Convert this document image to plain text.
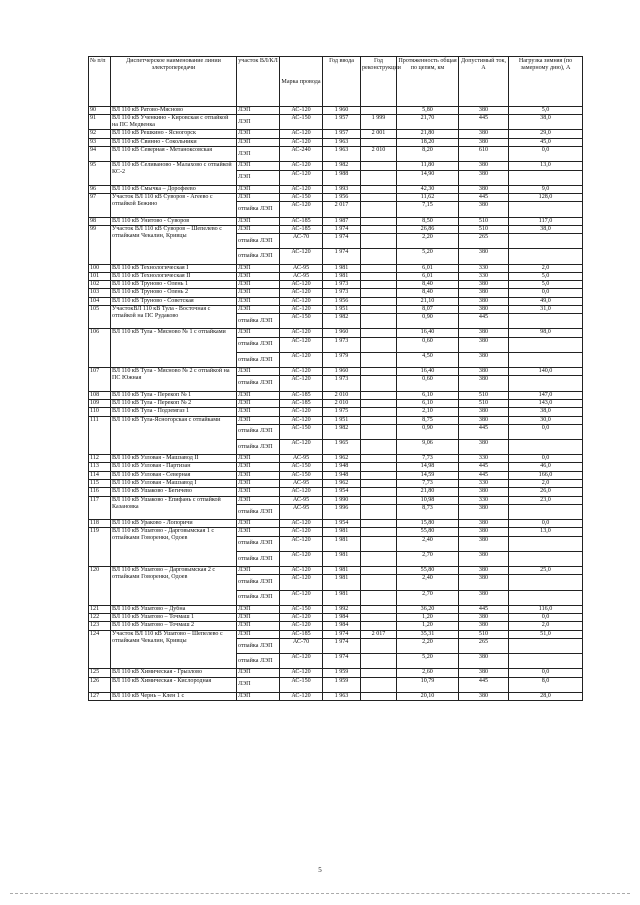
№ п/п	Диспетчерское наименование линии электропередачи	участок ВЛ/КЛ	Марка провода	Год ввода	Год реконструкции	Протяженность общая по цепям, км	Допустимый ток, А	Нагрузка зимняя (по замерному дню), А
90	ВЛ 110 кВ Ратово-Мясново	ЛЭП	АС-120	1 960		5,80	380	5,0
91	ВЛ 110 кВ Ученкино - Кировская с отпайкой на ПС Медвенка	ЛЭП	АС-150	1 957	1 999	21,70	445	38,0
92	ВЛ 110 кВ Решкино - Ясногорск	ЛЭП	АС-120	1 957	2 001	21,80	380	29,0
93	ВЛ 110 кВ Свинно - Сокольники	ЛЭП	АС-120	1 963		18,20	380	45,0
94	ВЛ 110 кВ Северная - Метаноксовская	ЛЭП	АС-240	1 963	2 010	8,20	610	0,0
95	ВЛ 110 кВ Селивановo - Малахово с отпайкой КС-2	ЛЭП	АС-120	1 982		11,80	380	13,0
		ЛЭП	АС-120	1 988		14,90	380	
96	ВЛ 110 кВ Смычка – Дорофеево	ЛЭП	АС-120	1 993		42,30	380	9,0
97	Участок ВЛ 110 кВ Суворов - Агеево с отпайкой Бежино	ЛЭП	АС-150	1 956		11,62	445	128,0
		отпайка ЛЭП	АС-120	2 017		7,15	380	
98	ВЛ 110 кВ Унитово - Суворов	ЛЭП	АС-185	1 987		8,50	510	117,0
99	Участок ВЛ 110 кВ Суворов – Шепелево с отпайками Чекалин, Кривцы	ЛЭП	АС-185	1 974		26,86	510	38,0
		отпайка ЛЭП	АС-70	1 974		2,20	265	
		отпайка ЛЭП	АС-120	1 974		5,20	380	
100	ВЛ 110 кВ Технологическая I	ЛЭП	АС-95	1 981		6,01	330	2,0
101	ВЛ 110 кВ Технологическая II	ЛЭП	АС-95	1 981		6,01	330	5,0
102	ВЛ 110 кВ Труново - Олень 1	ЛЭП	АС-120	1 973		8,40	380	5,0
103	ВЛ 110 кВ Труново - Олень 2	ЛЭП	АС-120	1 973		8,40	380	0,0
104	ВЛ 110 кВ Труново - Советская	ЛЭП	АС-120	1 956		21,10	380	49,0
105	УчастокВЛ 110 кВ Тула - Восточная с отпайкой на ПС Рудаково	ЛЭП	АС-120	1 951		8,07	380	31,0
		отпайка ЛЭП	АС-150	1 982		0,90	445	
106	ВЛ 110 кВ Тула - Мясново № 1 с отпайками	ЛЭП	АС-120	1 960		16,40	380	98,0
		отпайка ЛЭП	АС-120	1 973		0,60	380	
		отпайка ЛЭП	АС-120	1 979		4,50	380	
107	ВЛ 110 кВ Тула - Мясново № 2 с отпайкой на ПС Южная	ЛЭП	АС-120	1 960		16,40	380	140,0
		отпайка ЛЭП	АС-120	1 973		0,60	380	
108	ВЛ 110 кВ Тула - Перекоп № 1	ЛЭП	АС-185	2 010		6,10	510	147,0
109	ВЛ 110 кВ Тула - Перекоп № 2	ЛЭП	АС-185	2 010		6,10	510	143,0
110	ВЛ 110 кВ Тула - Подземгаз 1	ЛЭП	АС-120	1 975		2,10	380	38,0
111	ВЛ 110 кВ Тула-Ясногорская с отпайками	ЛЭП	АС-120	1 951		8,75	380	30,0
		отпайка ЛЭП	АС-150	1 982		0,90	445	0,0
		отпайка ЛЭП	АС-120	1 965		9,06	380	
112	ВЛ 110 кВ Узловая - Машзавод II	ЛЭП	АС-95	1 962		7,73	330	0,0
113	ВЛ 110 кВ Узловая - Партизан	ЛЭП	АС-150	1 948		14,98	445	46,0
114	ВЛ 110 кВ Узловая - Северная	ЛЭП	АС-150	1 948		14,59	445	166,0
115	ВЛ 110 кВ Узловая - Машзавод I	ЛЭП	АС-95	1 962		7,73	330	2,0
116	ВЛ 110 кВ Ушаково - Бегичево	ЛЭП	АС-120	1 954		21,80	380	26,0
117	ВЛ 110 кВ Ушаково - Епифань с отпайкой Казановка	ЛЭП	АС-95	1 990		10,98	330	23,0
		отпайка ЛЭП	АС-95	1 996		8,73	380	
118	ВЛ 110 кВ Ураково - Лопоричи	ЛЭП	АС-120	1 954		15,80	380	0,0
119	ВЛ 110 кВ Ушатово - Дарговымская 1 с отпайками Говоренки, Одоев	ЛЭП	АС-120	1 981		55,80	380	13,0
		отпайка ЛЭП	АС-120	1 981		2,40	380	
		отпайка ЛЭП	АС-120	1 981		2,70	380	
120	ВЛ 110 кВ Ушатово – Дарговымская 2 с отпайками Говоренки, Одоев	ЛЭП	АС-120	1 981		55,80	380	25,0
		отпайка ЛЭП	АС-120	1 981		2,40	380	
		отпайка ЛЭП	АС-120	1 981		2,70	380	
121	ВЛ 110 кВ Ушатово – Дубна	ЛЭП	АС-150	1 992		36,20	445	116,0
122	ВЛ 110 кВ Ушатово – Точмаш 1	ЛЭП	АС-120	1 984		1,20	380	0,0
123	ВЛ 110 кВ Ушатово – Точмаш 2	ЛЭП	АС-120	1 984		1,20	380	2,0
124	Участок ВЛ 110 кВ Ушатово – Шепелево с отпайками Чекалин, Кривцы	ЛЭП	АС-185	1 974	2 017	35,31	510	51,0
		отпайка ЛЭП	АС-70	1 974		2,20	265	
		отпайка ЛЭП	АС-120	1 974		5,20	380	
125	ВЛ 110 кВ Химическая - Грызлово	ЛЭП	АС-120	1 959		2,60	380	0,0
126	ВЛ 110 кВ Химическая - Кислородная	ЛЭП	АС-150	1 959		10,79	445	8,0
127	ВЛ 110 кВ Чернь – Клен 1 с	ЛЭП	АС-120	1 963		20,10	380	28,0
5
